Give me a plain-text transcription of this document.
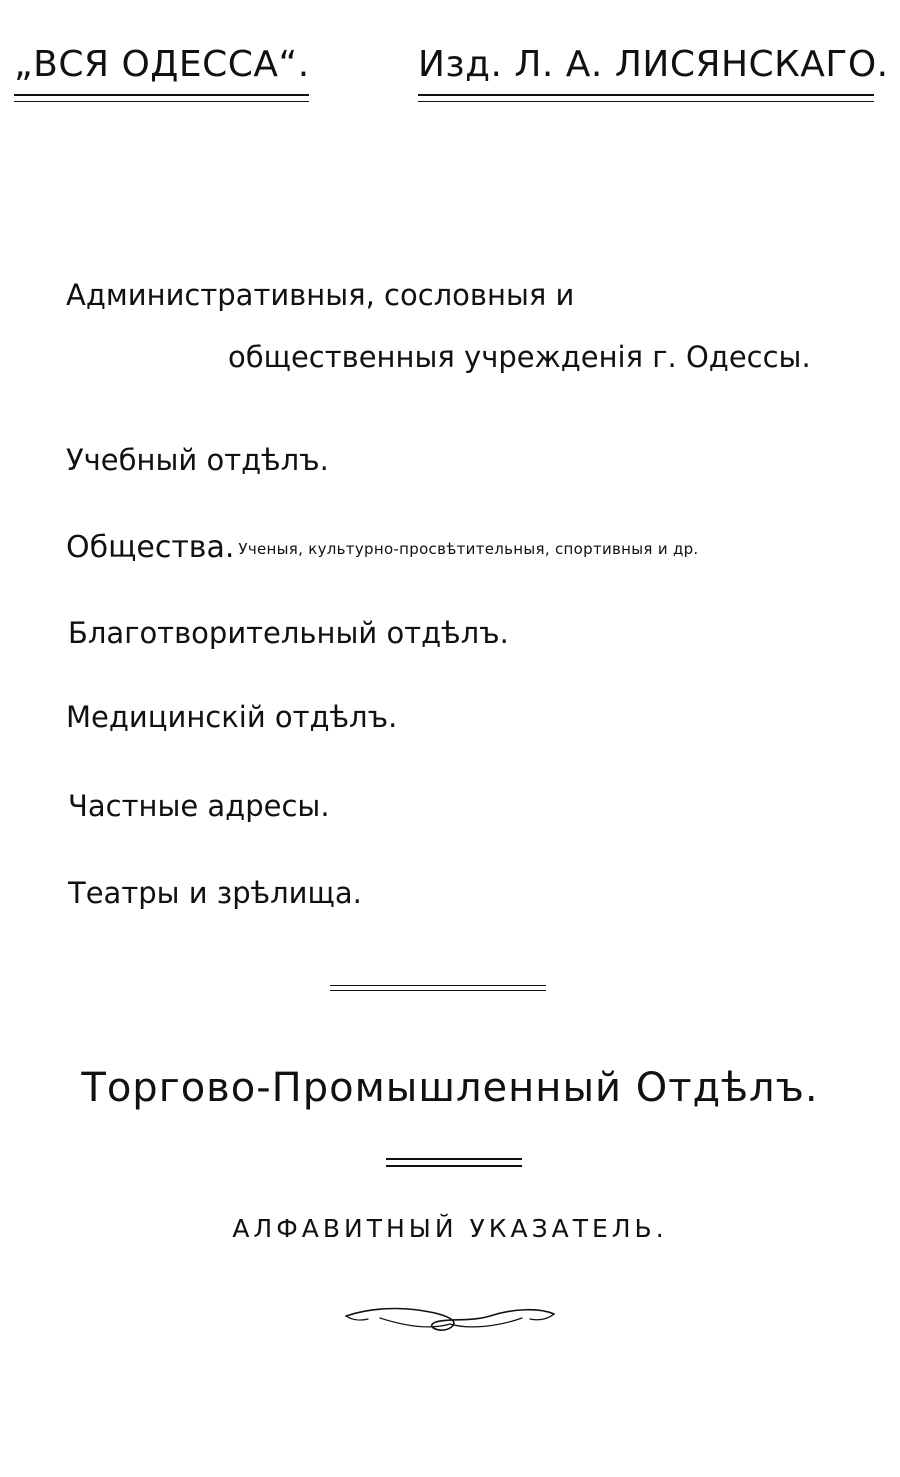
„ВСЯ ОДЕССА“.	Изд. Л. А. ЛИСЯНСКАГО.
Административныя, сословныя и
общественныя учрежденія г. Одессы.
Учебный отдѣлъ.
Общества. Ученыя, культурно-просвѣтительныя, спортивныя и др.
Благотворительный отдѣлъ.
Медицинскій отдѣлъ.
Частные адресы.
Театры и зрѣлища.
Торгово-Промышленный Отдѣлъ.
АЛФАВИТНЫЙ УКАЗАТЕЛЬ.
